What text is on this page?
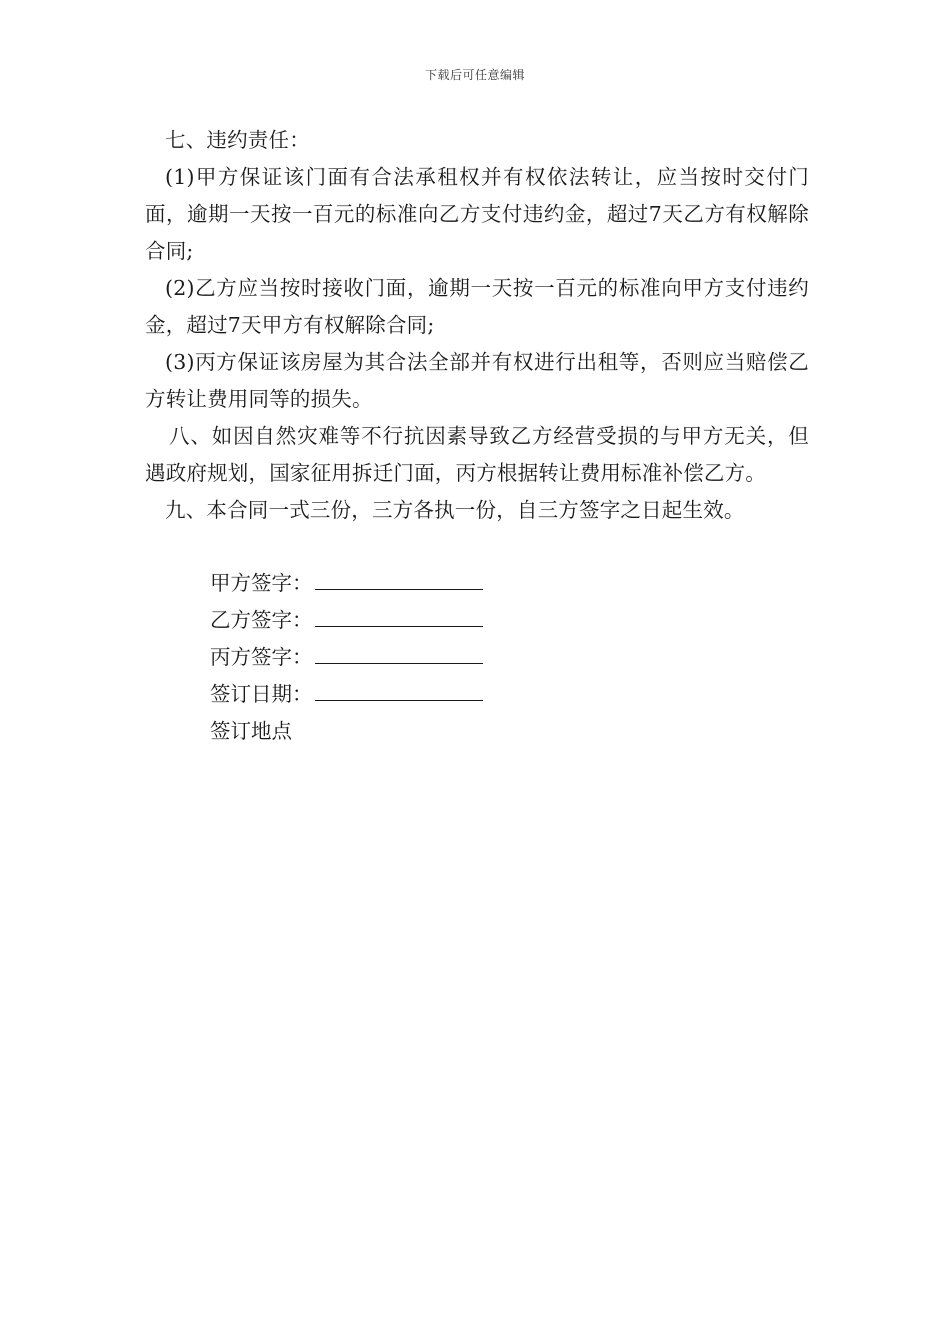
下载后可任意编辑

七、违约责任：

(1)甲方保证该门面有合法承租权并有权依法转让，应当按时交付门面，逾期一天按一百元的标准向乙方支付违约金，超过7天乙方有权解除合同;

(2)乙方应当按时接收门面，逾期一天按一百元的标准向甲方支付违约金，超过7天甲方有权解除合同;

(3)丙方保证该房屋为其合法全部并有权进行出租等，否则应当赔偿乙方转让费用同等的损失。

八、如因自然灾难等不行抗因素导致乙方经营受损的与甲方无关，但遇政府规划，国家征用拆迁门面，丙方根据转让费用标准补偿乙方。

九、本合同一式三份，三方各执一份，自三方签字之日起生效。

甲方签字：
乙方签字：
丙方签字：
签订日期：
签订地点
